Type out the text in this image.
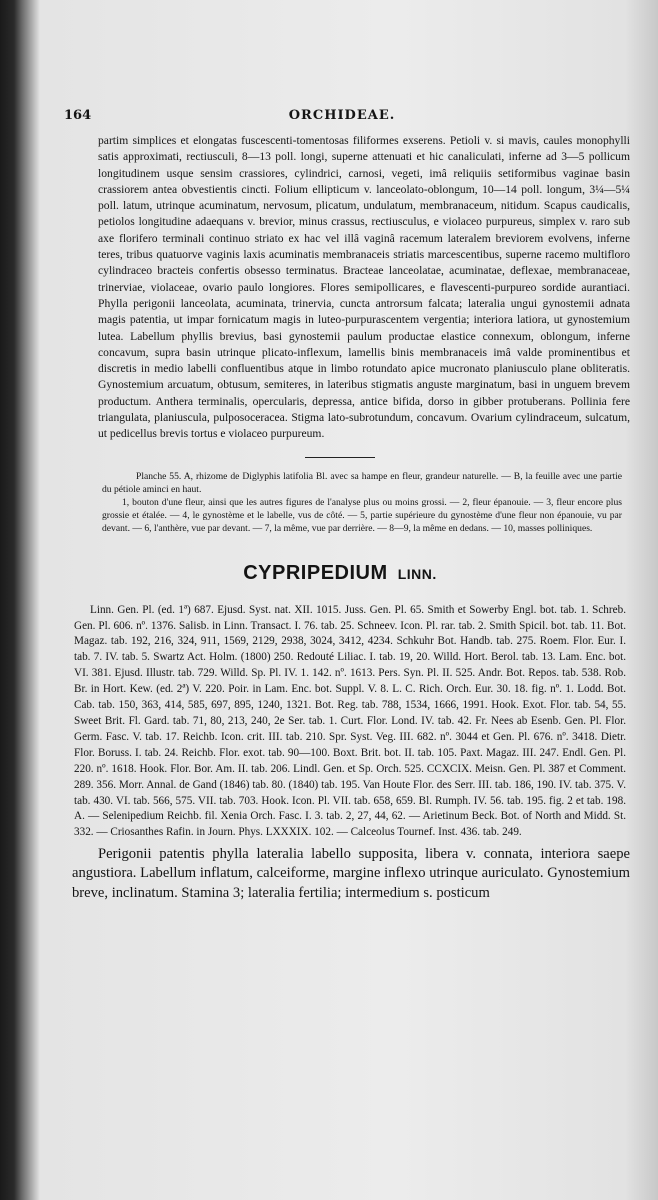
164	ORCHIDEAE.
partim simplices et elongatas fuscescenti-tomentosas filiformes exserens. Petioli v. si mavis, caules monophylli satis approximati, rectiusculi, 8—13 poll. longi, superne attenuati et hic canaliculati, inferne ad 3—5 pollicum longitudinem usque sensim crassiores, cylindrici, carnosi, vegeti, imâ reliquiis setiformibus vaginae basin crassiorem antea obvestientis cincti. Folium ellipticum v. lanceolato-oblongum, 10—14 poll. longum, 3¼—5¼ poll. latum, utrinque acuminatum, nervosum, plicatum, undulatum, membranaceum, nitidum. Scapus caudicalis, petiolos longitudine adaequans v. brevior, minus crassus, rectiusculus, e violaceo purpureus, simplex v. raro sub axe florifero terminali continuo striato ex hac vel illâ vaginâ racemum lateralem breviorem evolvens, inferne teres, tribus quatuorve vaginis laxis acuminatis membranaceis striatis marcescentibus, superne racemo multifloro cylindraceo bracteis confertis obsesso terminatus. Bracteae lanceolatae, acuminatae, deflexae, membranaceae, trinerviae, violaceae, ovario paulo longiores. Flores semipollicares, e flavescenti-purpureo sordide aurantiaci. Phylla perigonii lanceolata, acuminata, trinervia, cuncta antrorsum falcata; lateralia ungui gynostemii adnata magis patentia, ut impar fornicatum magis in luteo-purpurascentem vergentia; interiora latiora, ut gynostemium lutea. Labellum phyllis brevius, basi gynostemii paulum productae elastice connexum, oblongum, inferne concavum, supra basin utrinque plicato-inflexum, lamellis binis membranaceis imâ valde prominentibus et discretis in medio labelli confluentibus atque in limbo rotundato apice mucronato planiusculo plane obliteratis. Gynostemium arcuatum, obtusum, semiteres, in lateribus stigmatis anguste marginatum, basi in unguem brevem productum. Anthera terminalis, opercularis, depressa, antice bifida, dorso in gibber protuberans. Pollinia fere triangulata, planiuscula, pulposoceracea. Stigma lato-subrotundum, concavum. Ovarium cylindraceum, sulcatum, ut pedicellus brevis tortus e violaceo purpureum.

Planche 55. A, rhizome de Diglyphis latifolia Bl. avec sa hampe en fleur, grandeur naturelle. — B, la feuille avec une partie du pétiole aminci en haut.

1, bouton d'une fleur, ainsi que les autres figures de l'analyse plus ou moins grossi. — 2, fleur épanouie. — 3, fleur encore plus grossie et étalée. — 4, le gynostème et le labelle, vus de côté. — 5, partie supérieure du gynostème d'une fleur non épanouie, vu par devant. — 6, l'anthère, vue par devant. — 7, la même, vue par derrière. — 8—9, la même en dedans. — 10, masses polliniques.

CYPRIPEDIUM LINN.
Linn. Gen. Pl. (ed. 1ª) 687. Ejusd. Syst. nat. XII. 1015. Juss. Gen. Pl. 65. Smith et Sowerby Engl. bot. tab. 1. Schreb. Gen. Pl. 606. nº. 1376. Salisb. in Linn. Transact. I. 76. tab. 25. Schneev. Icon. Pl. rar. tab. 2. Smith Spicil. bot. tab. 11. Bot. Magaz. tab. 192, 216, 324, 911, 1569, 2129, 2938, 3024, 3412, 4234. Schkuhr Bot. Handb. tab. 275. Roem. Flor. Eur. I. tab. 7. IV. tab. 5. Swartz Act. Holm. (1800) 250. Redouté Liliac. I. tab. 19, 20. Willd. Hort. Berol. tab. 13. Lam. Enc. bot. VI. 381. Ejusd. Illustr. tab. 729. Willd. Sp. Pl. IV. 1. 142. nº. 1613. Pers. Syn. Pl. II. 525. Andr. Bot. Repos. tab. 538. Rob. Br. in Hort. Kew. (ed. 2ª) V. 220. Poir. in Lam. Enc. bot. Suppl. V. 8. L. C. Rich. Orch. Eur. 30. 18. fig. nº. 1. Lodd. Bot. Cab. tab. 150, 363, 414, 585, 697, 895, 1240, 1321. Bot. Reg. tab. 788, 1534, 1666, 1991. Hook. Exot. Flor. tab. 54, 55. Sweet Brit. Fl. Gard. tab. 71, 80, 213, 240, 2e Ser. tab. 1. Curt. Flor. Lond. IV. tab. 42. Fr. Nees ab Esenb. Gen. Pl. Flor. Germ. Fasc. V. tab. 17. Reichb. Icon. crit. III. tab. 210. Spr. Syst. Veg. III. 682. nº. 3044 et Gen. Pl. 676. nº. 3418. Dietr. Flor. Boruss. I. tab. 24. Reichb. Flor. exot. tab. 90—100. Boxt. Brit. bot. II. tab. 105. Paxt. Magaz. III. 247. Endl. Gen. Pl. 220. nº. 1618. Hook. Flor. Bor. Am. II. tab. 206. Lindl. Gen. et Sp. Orch. 525. CCXCIX. Meisn. Gen. Pl. 387 et Comment. 289. 356. Morr. Annal. de Gand (1846) tab. 80. (1840) tab. 195. Van Houte Flor. des Serr. III. tab. 186, 190. IV. tab. 375. V. tab. 430. VI. tab. 566, 575. VII. tab. 703. Hook. Icon. Pl. VII. tab. 658, 659. Bl. Rumph. IV. 56. tab. 195. fig. 2 et tab. 198. A. — Selenipedium Reichb. fil. Xenia Orch. Fasc. I. 3. tab. 2, 27, 44, 62. — Arietinum Beck. Bot. of North and Midd. St. 332. — Criosanthes Rafin. in Journ. Phys. LXXXIX. 102. — Calceolus Tournef. Inst. 436. tab. 249.
Perigonii patentis phylla lateralia labello supposita, libera v. connata, interiora saepe angustiora. Labellum inflatum, calceiforme, margine inflexo utrinque auriculato. Gynostemium breve, inclinatum. Stamina 3; lateralia fertilia; intermedium s. posticum
